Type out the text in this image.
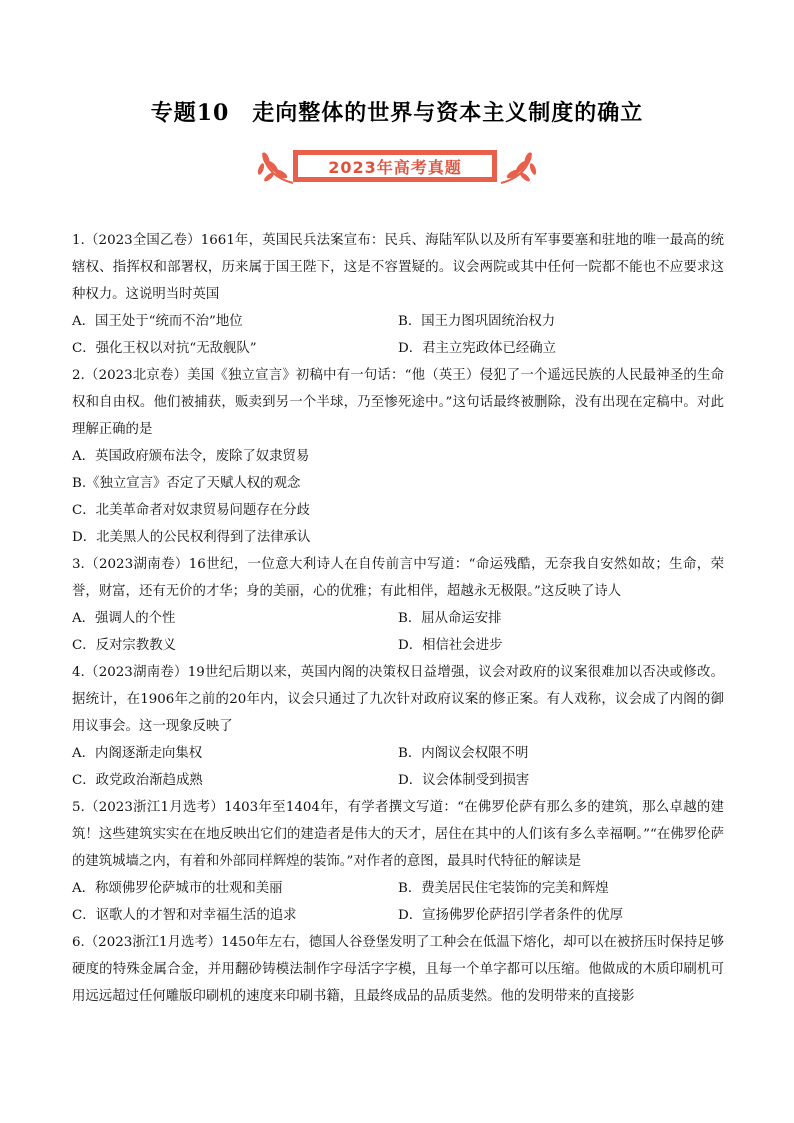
专题10　走向整体的世界与资本主义制度的确立
2023年高考真题

1.（2023全国乙卷）1661年，英国民兵法案宣布：民兵、海陆军队以及所有军事要塞和驻地的唯一最高的统辖权、指挥权和部署权，历来属于国王陛下，这是不容置疑的。议会两院或其中任何一院都不能也不应要求这种权力。这说明当时英国

A．国王处于“统而不治”地位	B．国王力图巩固统治权力
C．强化王权以对抗“无敌舰队”	D．君主立宪政体已经确立

2.（2023北京卷）美国《独立宣言》初稿中有一句话：“他（英王）侵犯了一个遥远民族的人民最神圣的生命权和自由权。他们被捕获，贩卖到另一个半球，乃至惨死途中。”这句话最终被删除，没有出现在定稿中。对此理解正确的是

A．英国政府颁布法令，废除了奴隶贸易
B.《独立宣言》否定了天赋人权的观念
C．北美革命者对奴隶贸易问题存在分歧
D．北美黑人的公民权利得到了法律承认

3.（2023湖南卷）16世纪，一位意大利诗人在自传前言中写道：“命运残酷，无奈我自安然如故；生命，荣誉，财富，还有无价的才华；身的美丽，心的优雅；有此相伴，超越永无极限。”这反映了诗人

A．强调人的个性	B．屈从命运安排
C．反对宗教教义	D．相信社会进步

4.（2023湖南卷）19世纪后期以来，英国内阁的决策权日益增强，议会对政府的议案很难加以否决或修改。据统计，在1906年之前的20年内，议会只通过了九次针对政府议案的修正案。有人戏称，议会成了内阁的御用议事会。这一现象反映了

A．内阁逐渐走向集权	B．内阁议会权限不明
C．政党政治渐趋成熟	D．议会体制受到损害

5.（2023浙江1月选考）1403年至1404年，有学者撰文写道：“在佛罗伦萨有那么多的建筑，那么卓越的建筑！这些建筑实实在在地反映出它们的建造者是伟大的天才，居住在其中的人们该有多么幸福啊。”“在佛罗伦萨的建筑城墙之内，有着和外部同样辉煌的装饰。”对作者的意图，最具时代特征的解读是

A．称颂佛罗伦萨城市的壮观和美丽	B．费美居民住宅装饰的完美和辉煌
C．讴歌人的才智和对幸福生活的追求	D．宣扬佛罗伦萨招引学者条件的优厚

6.（2023浙江1月选考）1450年左右，德国人谷登堡发明了工种会在低温下熔化，却可以在被挤压时保持足够硬度的特殊金属合金，并用翻砂铸模法制作字母活字字模，且每一个单字都可以压缩。他做成的木质印刷机可用远远超过任何雕版印刷机的速度来印刷书籍，且最终成品的品质斐然。他的发明带来的直接影
